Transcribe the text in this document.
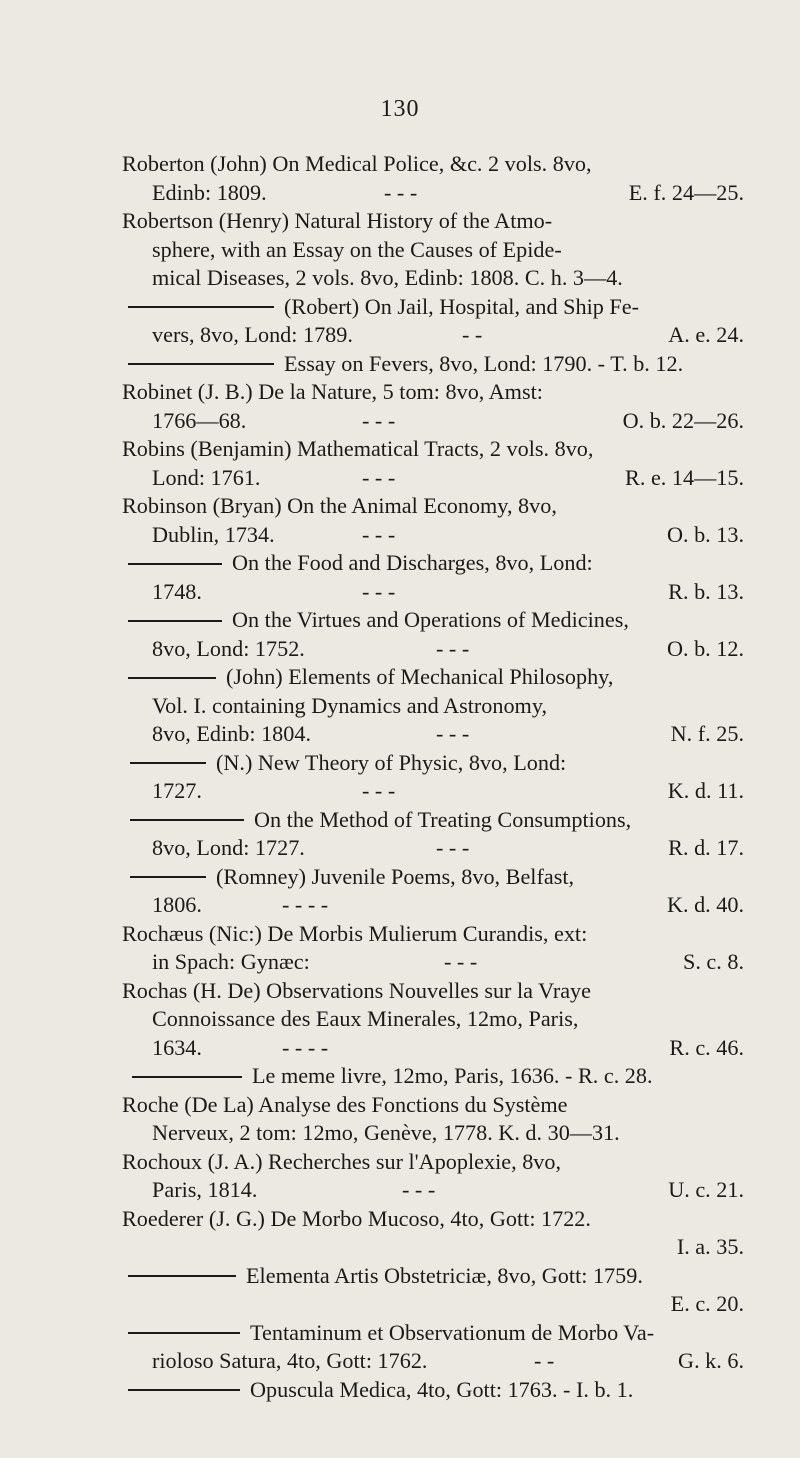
130
Roberton (John) On Medical Police, &c. 2 vols. 8vo,
Edinb: 1809.	- - -	E. f. 24—25.
Robertson (Henry) Natural History of the Atmo-
sphere, with an Essay on the Causes of Epide-
mical Diseases, 2 vols. 8vo, Edinb: 1808. C. h. 3—4.
(Robert) On Jail, Hospital, and Ship Fe-
vers, 8vo, Lond: 1789.	- -	A. e. 24.
Essay on Fevers, 8vo, Lond: 1790. - T. b. 12.
Robinet (J. B.) De la Nature, 5 tom: 8vo, Amst:
1766—68.	- - -	O. b. 22—26.
Robins (Benjamin) Mathematical Tracts, 2 vols. 8vo,
Lond: 1761.	- - -	R. e. 14—15.
Robinson (Bryan) On the Animal Economy, 8vo,
Dublin, 1734.	- - -	O. b. 13.
On the Food and Discharges, 8vo, Lond:
1748.	- - -	R. b. 13.
On the Virtues and Operations of Medicines,
8vo, Lond: 1752.	- - -	O. b. 12.
(John) Elements of Mechanical Philosophy,
Vol. I. containing Dynamics and Astronomy,
8vo, Edinb: 1804.	- - -	N. f. 25.
(N.) New Theory of Physic, 8vo, Lond:
1727.	- - -	K. d. 11.
On the Method of Treating Consumptions,
8vo, Lond: 1727.	- - -	R. d. 17.
(Romney) Juvenile Poems, 8vo, Belfast,
1806.	- - - -	K. d. 40.
Rochæus (Nic:) De Morbis Mulierum Curandis, ext:
in Spach: Gynæc:	- - -	S. c. 8.
Rochas (H. De) Observations Nouvelles sur la Vraye
Connoissance des Eaux Minerales, 12mo, Paris,
1634.	- - - -	R. c. 46.
Le meme livre, 12mo, Paris, 1636. - R. c. 28.
Roche (De La) Analyse des Fonctions du Système
Nerveux, 2 tom: 12mo, Genève, 1778. K. d. 30—31.
Rochoux (J. A.) Recherches sur l'Apoplexie, 8vo,
Paris, 1814.	- - -	U. c. 21.
Roederer (J. G.) De Morbo Mucoso, 4to, Gott: 1722.
I. a. 35.
Elementa Artis Obstetriciæ, 8vo, Gott: 1759.
E. c. 20.
Tentaminum et Observationum de Morbo Va-
rioloso Satura, 4to, Gott: 1762.	- -	G. k. 6.
Opuscula Medica, 4to, Gott: 1763. - I. b. 1.
